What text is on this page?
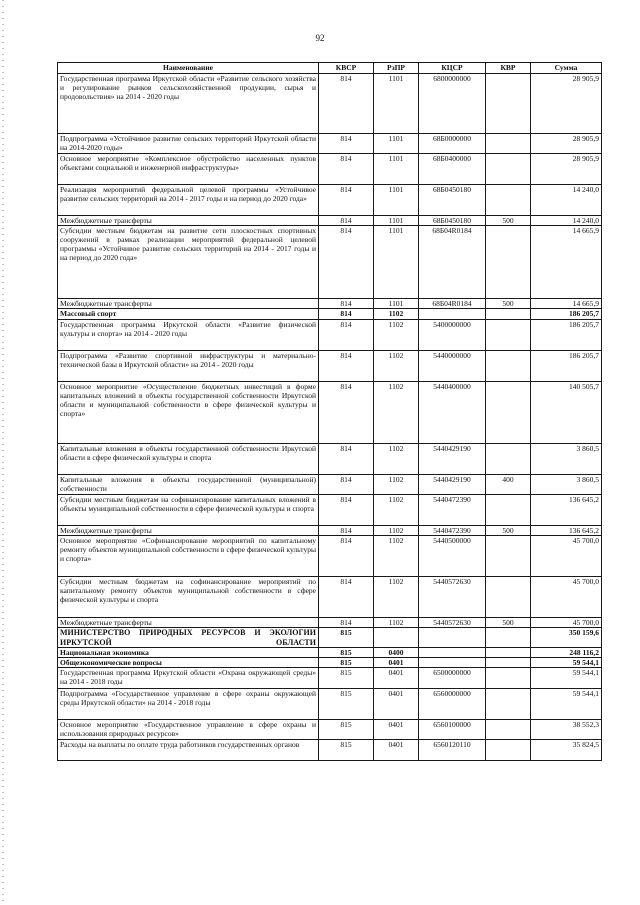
92
Наименование	КВСР	РзПР	КЦСР	КВР	Сумма
Государственная программа Иркутской области «Развитие сельского хозяйства и регулирование рынков сельскохозяйственной продукции, сырья и продовольствия» на 2014 - 2020 годы	814	1101	6800000000		28 905,9
Подпрограмма «Устойчивое развитие сельских территорий Иркутской области на 2014-2020 годы»	814	1101	68Б0000000		28 905,9
Основное мероприятие «Комплексное обустройство населенных пунктов объектами социальной и инженерной инфраструктуры»	814	1101	68Б0400000		28 905,9
Реализация мероприятий федеральной целевой программы «Устойчивое развитие сельских территорий на 2014 - 2017 годы и на период до 2020 года»	814	1101	68Б0450180		14 240,0
Межбюджетные трансферты	814	1101	68Б0450180	500	14 240,0
Субсидии местным бюджетам на развитие сети плоскостных спортивных сооружений в рамках реализации мероприятий федеральной целевой программы «Устойчивое развитие сельских территорий на 2014 - 2017 годы и на период до 2020 года»	814	1101	68Б04R0184		14 665,9
Межбюджетные трансферты	814	1101	68Б04R0184	500	14 665,9
Массовый спорт	814	1102			186 205,7
Государственная программа Иркутской области «Развитие физической культуры и спорта» на 2014 - 2020 годы	814	1102	5400000000		186 205,7
Подпрограмма «Развитие спортивной инфраструктуры и материально- технической базы в Иркутской области» на 2014 - 2020 годы	814	1102	5440000000		186 205,7
Основное мероприятие «Осуществление бюджетных инвестиций в форме капитальных вложений в объекты государственной собственности Иркутской области и муниципальной собственности в сфере физической культуры и спорта»	814	1102	5440400000		140 505,7
Капитальные вложения в объекты государственной собственности Иркутской области в сфере физической культуры и спорта	814	1102	5440429190		3 860,5
Капитальные вложения в объекты государственной (муниципальной) собственности	814	1102	5440429190	400	3 860,5
Субсидии местным бюджетам на софинансирование капитальных вложений в объекты муниципальной собственности в сфере физической культуры и спорта	814	1102	5440472390		136 645,2
Межбюджетные трансферты	814	1102	5440472390	500	136 645,2
Основное мероприятие «Софинансирование мероприятий по капитальному ремонту объектов муниципальной собственности в сфере физической культуры и спорта»	814	1102	5440500000		45 700,0
Субсидии местным бюджетам на софинансирование мероприятий по капитальному ремонту объектов муниципальной собственности в сфере физической культуры и спорта	814	1102	5440572630		45 700,0
Межбюджетные трансферты	814	1102	5440572630	500	45 700,0
МИНИСТЕРСТВО ПРИРОДНЫХ РЕСУРСОВ И ЭКОЛОГИИ ИРКУТСКОЙ ОБЛАСТИ	815				350 159,6
Национальная экономика	815	0400			248 116,2
Общеэкономические вопросы	815	0401			59 544,1
Государственная программа Иркутской области «Охрана окружающей среды» на 2014 - 2018 годы	815	0401	6500000000		59 544,1
Подпрограмма «Государственное управление в сфере охраны окружающей среды Иркутской области» на 2014 - 2018 годы	815	0401	6560000000		59 544,1
Основное мероприятие «Государственное управление в сфере охраны и использования природных ресурсов»	815	0401	6560100000		38 552,3
Расходы на выплаты по оплате труда работников государственных органов	815	0401	6560120110		35 824,5
